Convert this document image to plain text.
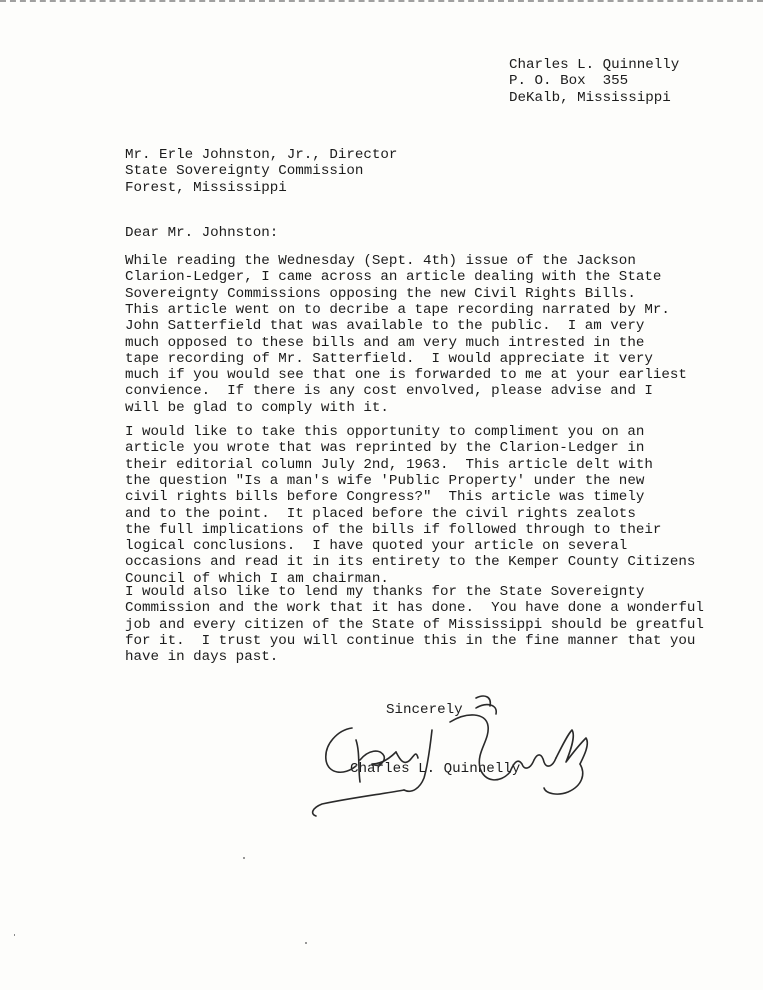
Charles L. Quinnelly

P. O. Box  355

DeKalb, Mississippi

Mr. Erle Johnston, Jr., Director

State Sovereignty Commission

Forest, Mississippi

Dear Mr. Johnston:

While reading the Wednesday (Sept. 4th) issue of the Jackson

Clarion-Ledger, I came across an article dealing with the State

Sovereignty Commissions opposing the new Civil Rights Bills.

This article went on to decribe a tape recording narrated by Mr.

John Satterfield that was available to the public.  I am very

much opposed to these bills and am very much intrested in the

tape recording of Mr. Satterfield.  I would appreciate it very

much if you would see that one is forwarded to me at your earliest

convience.  If there is any cost envolved, please advise and I

will be glad to comply with it.

I would like to take this opportunity to compliment you on an

article you wrote that was reprinted by the Clarion-Ledger in

their editorial column July 2nd, 1963.  This article delt with

the question "Is a man's wife 'Public Property' under the new

civil rights bills before Congress?"  This article was timely

and to the point.  It placed before the civil rights zealots

the full implications of the bills if followed through to their

logical conclusions.  I have quoted your article on several

occasions and read it in its entirety to the Kemper County Citizens

Council of which I am chairman.

I would also like to lend my thanks for the State Sovereignty

Commission and the work that it has done.  You have done a wonderful

job and every citizen of the State of Mississippi should be greatful

for it.  I trust you will continue this in the fine manner that you

have in days past.

Sincerely

Charles L. Quinnelly
